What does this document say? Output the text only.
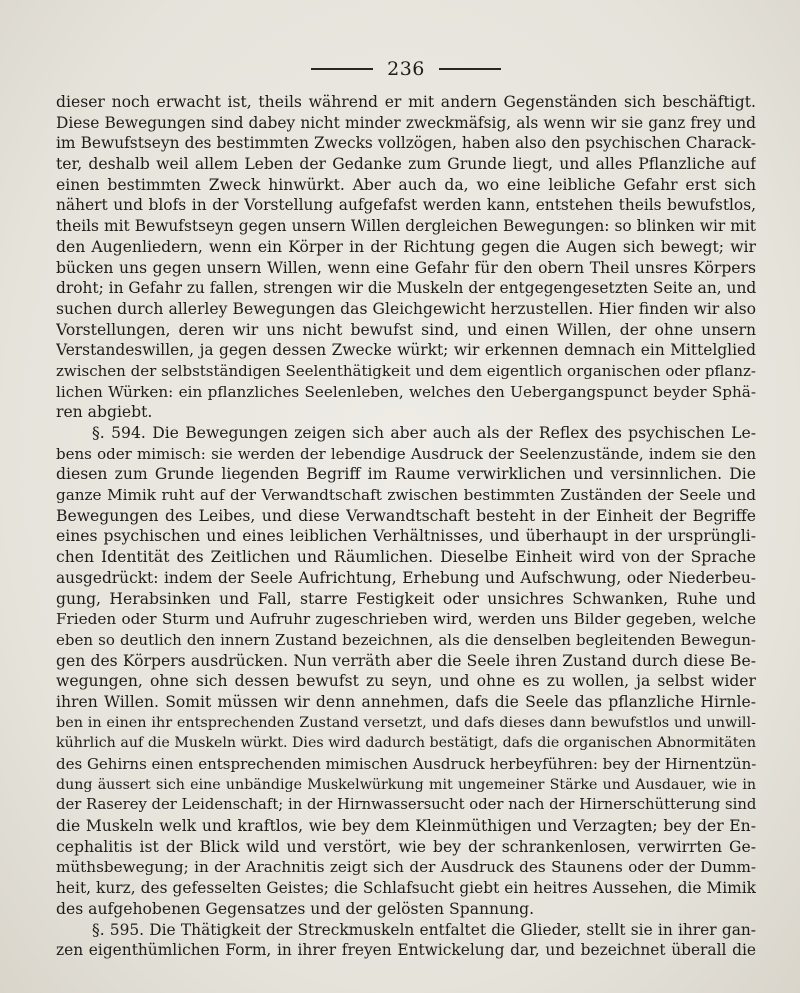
236
dieser noch erwacht ist, theils während er mit andern Gegenständen sich beschäftigt.
Diese Bewegungen sind dabey nicht minder zweckmäfsig, als wenn wir sie ganz frey und
im Bewufstseyn des bestimmten Zwecks vollzögen, haben also den psychischen Charack-
ter, deshalb weil allem Leben der Gedanke zum Grunde liegt, und alles Pflanzliche auf
einen bestimmten Zweck hinwürkt. Aber auch da, wo eine leibliche Gefahr erst sich
nähert und blofs in der Vorstellung aufgefafst werden kann, entstehen theils bewufstlos,
theils mit Bewufstseyn gegen unsern Willen dergleichen Bewegungen: so blinken wir mit
den Augenliedern, wenn ein Körper in der Richtung gegen die Augen sich bewegt; wir
bücken uns gegen unsern Willen, wenn eine Gefahr für den obern Theil unsres Körpers
droht; in Gefahr zu fallen, strengen wir die Muskeln der entgegengesetzten Seite an, und
suchen durch allerley Bewegungen das Gleichgewicht herzustellen. Hier finden wir also
Vorstellungen, deren wir uns nicht bewufst sind, und einen Willen, der ohne unsern
Verstandeswillen, ja gegen dessen Zwecke würkt; wir erkennen demnach ein Mittelglied
zwischen der selbstständigen Seelenthätigkeit und dem eigentlich organischen oder pflanz-
lichen Würken: ein pflanzliches Seelenleben, welches den Uebergangspunct beyder Sphä-
ren abgiebt.
§. 594. Die Bewegungen zeigen sich aber auch als der Reflex des psychischen Le-
bens oder mimisch: sie werden der lebendige Ausdruck der Seelenzustände, indem sie den
diesen zum Grunde liegenden Begriff im Raume verwirklichen und versinnlichen. Die
ganze Mimik ruht auf der Verwandtschaft zwischen bestimmten Zuständen der Seele und
Bewegungen des Leibes, und diese Verwandtschaft besteht in der Einheit der Begriffe
eines psychischen und eines leiblichen Verhältnisses, und überhaupt in der ursprüngli-
chen Identität des Zeitlichen und Räumlichen. Dieselbe Einheit wird von der Sprache
ausgedrückt: indem der Seele Aufrichtung, Erhebung und Aufschwung, oder Niederbeu-
gung, Herabsinken und Fall, starre Festigkeit oder unsichres Schwanken, Ruhe und
Frieden oder Sturm und Aufruhr zugeschrieben wird, werden uns Bilder gegeben, welche
eben so deutlich den innern Zustand bezeichnen, als die denselben begleitenden Bewegun-
gen des Körpers ausdrücken. Nun verräth aber die Seele ihren Zustand durch diese Be-
wegungen, ohne sich dessen bewufst zu seyn, und ohne es zu wollen, ja selbst wider
ihren Willen. Somit müssen wir denn annehmen, dafs die Seele das pflanzliche Hirnle-
ben in einen ihr entsprechenden Zustand versetzt, und dafs dieses dann bewufstlos und unwill-
kührlich auf die Muskeln würkt. Dies wird dadurch bestätigt, dafs die organischen Abnormitäten
des Gehirns einen entsprechenden mimischen Ausdruck herbeyführen: bey der Hirnentzün-
dung äussert sich eine unbändige Muskelwürkung mit ungemeiner Stärke und Ausdauer, wie in
der Raserey der Leidenschaft; in der Hirnwassersucht oder nach der Hirnerschütterung sind
die Muskeln welk und kraftlos, wie bey dem Kleinmüthigen und Verzagten; bey der En-
cephalitis ist der Blick wild und verstört, wie bey der schrankenlosen, verwirrten Ge-
müthsbewegung; in der Arachnitis zeigt sich der Ausdruck des Staunens oder der Dumm-
heit, kurz, des gefesselten Geistes; die Schlafsucht giebt ein heitres Aussehen, die Mimik
des aufgehobenen Gegensatzes und der gelösten Spannung.
§. 595. Die Thätigkeit der Streckmuskeln entfaltet die Glieder, stellt sie in ihrer gan-
zen eigenthümlichen Form, in ihrer freyen Entwickelung dar, und bezeichnet überall die
